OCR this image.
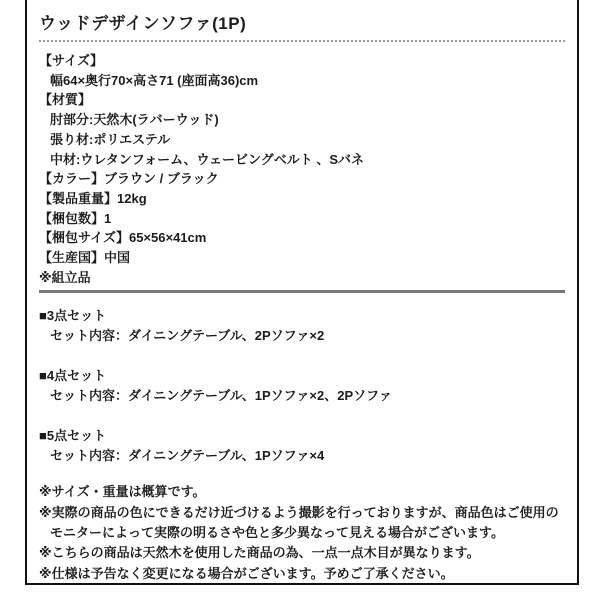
ウッドデザインソファ(1P)
【サイズ】
幅64×奥行70×高さ71 (座面高36)cm
【材質】
肘部分:天然木(ラバーウッド)
張り材:ポリエステル
中材:ウレタンフォーム、ウェービングベルト 、Sバネ
【カラー】ブラウン / ブラック
【製品重量】12kg
【梱包数】1
【梱包サイズ】65×56×41cm
【生産国】中国
※組立品
■3点セット
セット内容：ダイニングテーブル、2Pソファ×2
■4点セット
セット内容：ダイニングテーブル、1Pソファ×2、2Pソファ
■5点セット
セット内容：ダイニングテーブル、1Pソファ×4
※サイズ・重量は概算です。
※実際の商品の色にできるだけ近づけるよう撮影を行っておりますが、商品色はご使用の
モニターによって実際の明るさや色と多少異なって見える場合がございます。
※こちらの商品は天然木を使用した商品の為、一点一点木目が異なります。
※仕様は予告なく変更になる場合がございます。予めご了承ください。
